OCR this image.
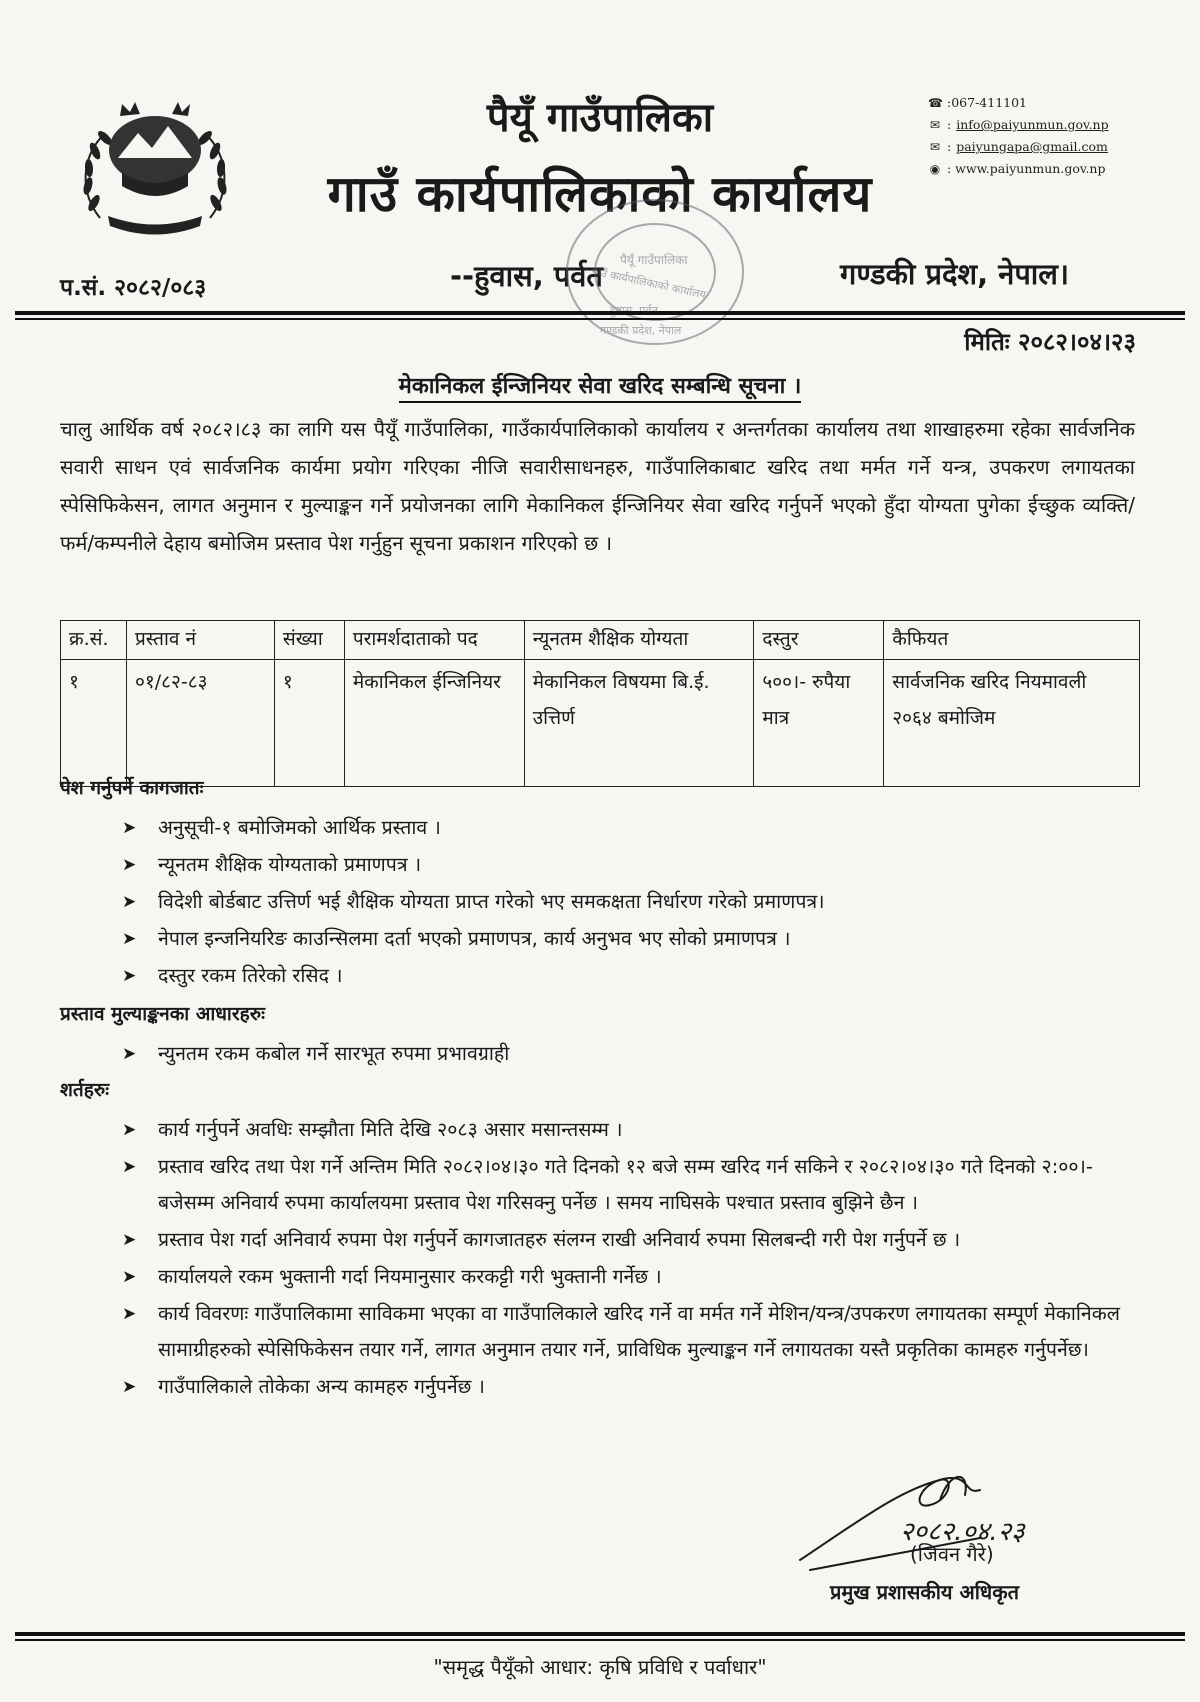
पैयूँ गाउँपालिका
गाउँ कार्यपालिकाको कार्यालय
☎ :067-411101
✉ : info@paiyunmun.gov.np
✉ : paiyungapa@gmail.com
◉ : www.paiyunmun.gov.np
प.सं. २०८२/०८३	--हुवास, पर्वत	गण्डकी प्रदेश, नेपाल।
पैयूँ गाउँपालिका
गाउँ कार्यपालिकाको कार्यालय
गण्डकी प्रदेश, नेपाल	मितिः २०८२।०४।२३
मेकानिकल ईन्जिनियर सेवा खरिद सम्बन्धि सूचना ।
चालु आर्थिक वर्ष २०८२।८३ का लागि यस पैयूँ गाउँपालिका, गाउँकार्यपालिकाको कार्यालय र अन्तर्गतका कार्यालय तथा शाखाहरुमा रहेका सार्वजनिक सवारी साधन एवं सार्वजनिक कार्यमा प्रयोग गरिएका नीजि सवारीसाधनहरु, गाउँपालिकाबाट खरिद तथा मर्मत गर्ने यन्त्र, उपकरण लगायतका स्पेसिफिकेसन, लागत अनुमान र मुल्याङ्कन गर्ने प्रयोजनका लागि मेकानिकल ईन्जिनियर सेवा खरिद गर्नुपर्ने भएको हुँदा योग्यता पुगेका ईच्छुक व्यक्ति/फर्म/कम्पनीले देहाय बमोजिम प्रस्ताव पेश गर्नुहुन सूचना प्रकाशन गरिएको छ ।
क्र.सं.	प्रस्ताव नं	संख्या	परामर्शदाताको पद	न्यूनतम शैक्षिक योग्यता	दस्तुर	कैफियत
१	०१/८२-८३	१	मेकानिकल ईन्जिनियर	मेकानिकल विषयमा बि.ई. उत्तिर्ण	५००।- रुपैया मात्र	सार्वजनिक खरिद नियमावली २०६४ बमोजिम
पेश गर्नुपर्ने कागजातः
➤ अनुसूची-१ बमोजिमको आर्थिक प्रस्ताव ।
➤ न्यूनतम शैक्षिक योग्यताको प्रमाणपत्र ।
➤ विदेशी बोर्डबाट उत्तिर्ण भई शैक्षिक योग्यता प्राप्त गरेको भए समकक्षता निर्धारण गरेको प्रमाणपत्र।
➤ नेपाल इन्जनियरिङ काउन्सिलमा दर्ता भएको प्रमाणपत्र, कार्य अनुभव भए सोको प्रमाणपत्र ।
➤ दस्तुर रकम तिरेको रसिद ।
प्रस्ताव मुल्याङ्कनका आधारहरुः
➤ न्युनतम रकम कबोल गर्ने सारभूत रुपमा प्रभावग्राही
शर्तहरुः
➤ कार्य गर्नुपर्ने अवधिः सम्झौता मिति देखि २०८३ असार मसान्तसम्म ।
➤ प्रस्ताव खरिद तथा पेश गर्ने अन्तिम मिति २०८२।०४।३० गते दिनको १२ बजे सम्म खरिद गर्न सकिने र २०८२।०४।३० गते दिनको २:००।- बजेसम्म अनिवार्य रुपमा कार्यालयमा प्रस्ताव पेश गरिसक्नु पर्नेछ । समय नाघिसके पश्चात प्रस्ताव बुझिने छैन ।
➤ प्रस्ताव पेश गर्दा अनिवार्य रुपमा पेश गर्नुपर्ने कागजातहरु संलग्न राखी अनिवार्य रुपमा सिलबन्दी गरी पेश गर्नुपर्ने छ ।
➤ कार्यालयले रकम भुक्तानी गर्दा नियमानुसार करकट्टी गरी भुक्तानी गर्नेछ ।
➤ कार्य विवरणः गाउँपालिकामा साविकमा भएका वा गाउँपालिकाले खरिद गर्ने वा मर्मत गर्ने मेशिन/यन्त्र/उपकरण लगायतका सम्पूर्ण मेकानिकल सामाग्रीहरुको स्पेसिफिकेसन तयार गर्ने, लागत अनुमान तयार गर्ने, प्राविधिक मुल्याङ्कन गर्ने लगायतका यस्तै प्रकृतिका कामहरु गर्नुपर्नेछ।
➤ गाउँपालिकाले तोकेका अन्य कामहरु गर्नुपर्नेछ ।
२०८२.०४.२३
(जिवन गैरे)
प्रमुख प्रशासकीय अधिकृत
"समृद्ध पैयूँको आधार: कृषि प्रविधि र पर्वाधार"
